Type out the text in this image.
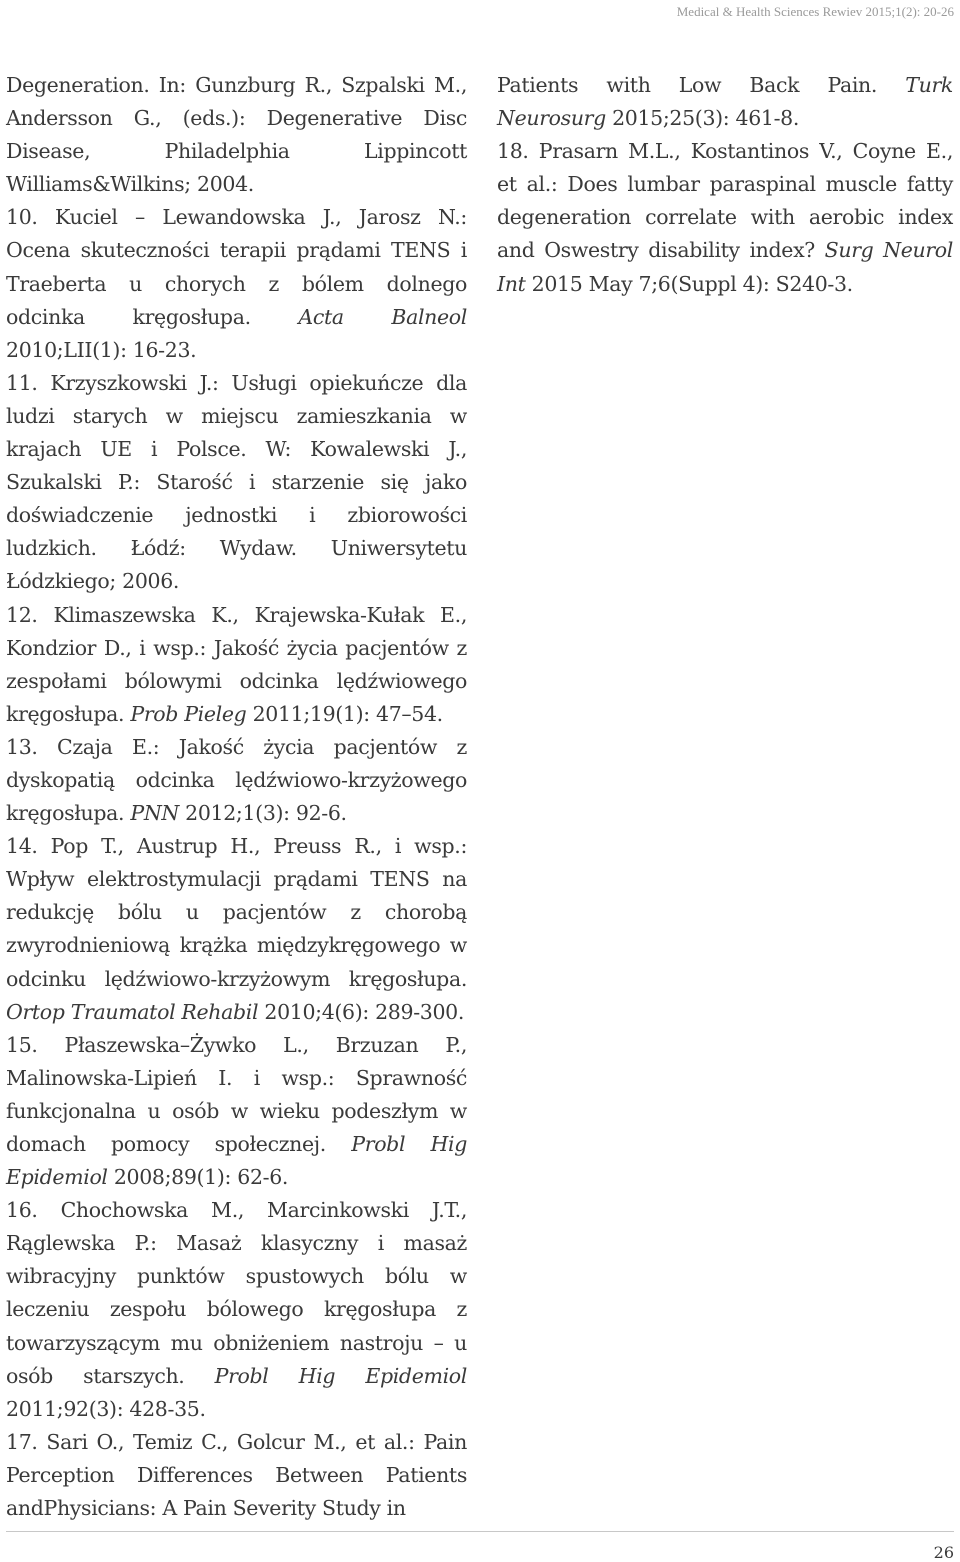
Medical & Health Sciences Rewiev 2015;1(2): 20-26

Degeneration. In: Gunzburg R., Szpalski M., Andersson G., (eds.): Degenerative Disc Disease, Philadelphia Lippincott Williams&Wilkins; 2004.

10. Kuciel – Lewandowska J., Jarosz N.: Ocena skuteczności terapii prądami TENS i Traeberta u chorych z bólem dolnego odcinka kręgosłupa. Acta Balneol 2010;LII(1): 16-23.

11. Krzyszkowski J.: Usługi opiekuńcze dla ludzi starych w miejscu zamieszkania w krajach UE i Polsce. W: Kowalewski J., Szukalski P.: Starość i starzenie się jako doświadczenie jednostki i zbiorowości ludzkich. Łódź: Wydaw. Uniwersytetu Łódzkiego; 2006.

12. Klimaszewska K., Krajewska-Kułak E., Kondzior D., i wsp.: Jakość życia pacjentów z zespołami bólowymi odcinka lędźwiowego kręgosłupa. Prob Pieleg 2011;19(1): 47–54.

13. Czaja E.: Jakość życia pacjentów z dyskopatią odcinka lędźwiowo-krzyżowego kręgosłupa. PNN 2012;1(3): 92-6.

14. Pop T., Austrup H., Preuss R., i wsp.: Wpływ elektrostymulacji prądami TENS na redukcję bólu u pacjentów z chorobą zwyrodnieniową krążka międzykręgowego w odcinku lędźwiowo-krzyżowym kręgosłupa. Ortop Traumatol Rehabil 2010;4(6): 289-300.

15. Płaszewska–Żywko L., Brzuzan P., Malinowska-Lipień I. i wsp.: Sprawność funkcjonalna u osób w wieku podeszłym w domach pomocy społecznej. Probl Hig Epidemiol 2008;89(1): 62-6.

16. Chochowska M., Marcinkowski J.T., Rąglewska P.: Masaż klasyczny i masaż wibracyjny punktów spustowych bólu w leczeniu zespołu bólowego kręgosłupa z towarzyszącym mu obniżeniem nastroju – u osób starszych. Probl Hig Epidemiol 2011;92(3): 428-35.

17. Sari O., Temiz C., Golcur M., et al.: Pain Perception Differences Between Patients andPhysicians: A Pain Severity Study in

Patients with Low Back Pain. Turk Neurosurg 2015;25(3): 461-8.

18. Prasarn M.L., Kostantinos V., Coyne E., et al.: Does lumbar paraspinal muscle fatty degeneration correlate with aerobic index and Oswestry disability index? Surg Neurol Int 2015 May 7;6(Suppl 4): S240-3.

26
